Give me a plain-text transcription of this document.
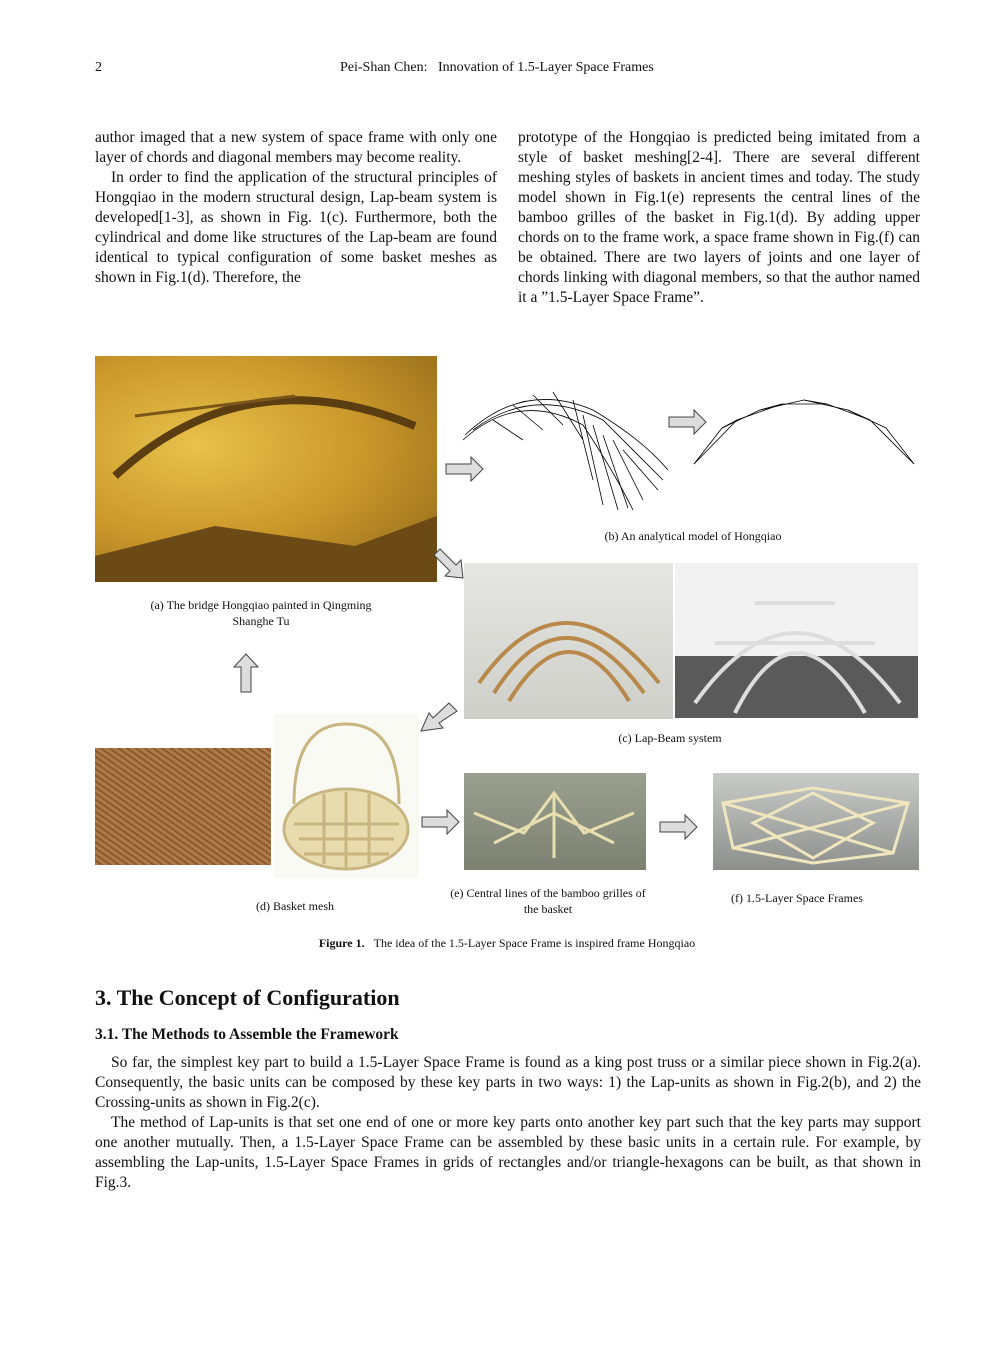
2	Pei-Shan Chen:   Innovation of 1.5-Layer Space Frames

author imaged that a new system of space frame with only one layer of chords and diagonal members may become reality.

In order to find the application of the structural principles of Hongqiao in the modern structural design, Lap-beam system is developed[1-3], as shown in Fig. 1(c). Furthermore, both the cylindrical and dome like structures of the Lap-beam are found identical to typical configuration of some basket meshes as shown in Fig.1(d). Therefore, the

prototype of the Hongqiao is predicted being imitated from a style of basket meshing[2-4]. There are several different meshing styles of baskets in ancient times and today. The study model shown in Fig.1(e) represents the central lines of the bamboo grilles of the basket in Fig.1(d). By adding upper chords on to the frame work, a space frame shown in Fig.(f) can be obtained. There are two layers of joints and one layer of chords linking with diagonal members, so that the author named it a ”1.5-Layer Space Frame”.

(b) An analytical model of Hongqiao
(c) Lap-Beam system
(a) The bridge Hongqiao painted in Qingming Shanghe Tu
(d) Basket mesh
(e) Central lines of the bamboo grilles of the basket
(f) 1.5-Layer Space Frames
Figure 1. The idea of the 1.5-Layer Space Frame is inspired frame Hongqiao
3. The Concept of Configuration
3.1. The Methods to Assemble the Framework

So far, the simplest key part to build a 1.5-Layer Space Frame is found as a king post truss or a similar piece shown in Fig.2(a). Consequently, the basic units can be composed by these key parts in two ways: 1) the Lap-units as shown in Fig.2(b), and 2) the Crossing-units as shown in Fig.2(c).

The method of Lap-units is that set one end of one or more key parts onto another key part such that the key parts may support one another mutually. Then, a 1.5-Layer Space Frame can be assembled by these basic units in a certain rule. For example, by assembling the Lap-units, 1.5-Layer Space Frames in grids of rectangles and/or triangle-hexagons can be built, as that shown in Fig.3.
